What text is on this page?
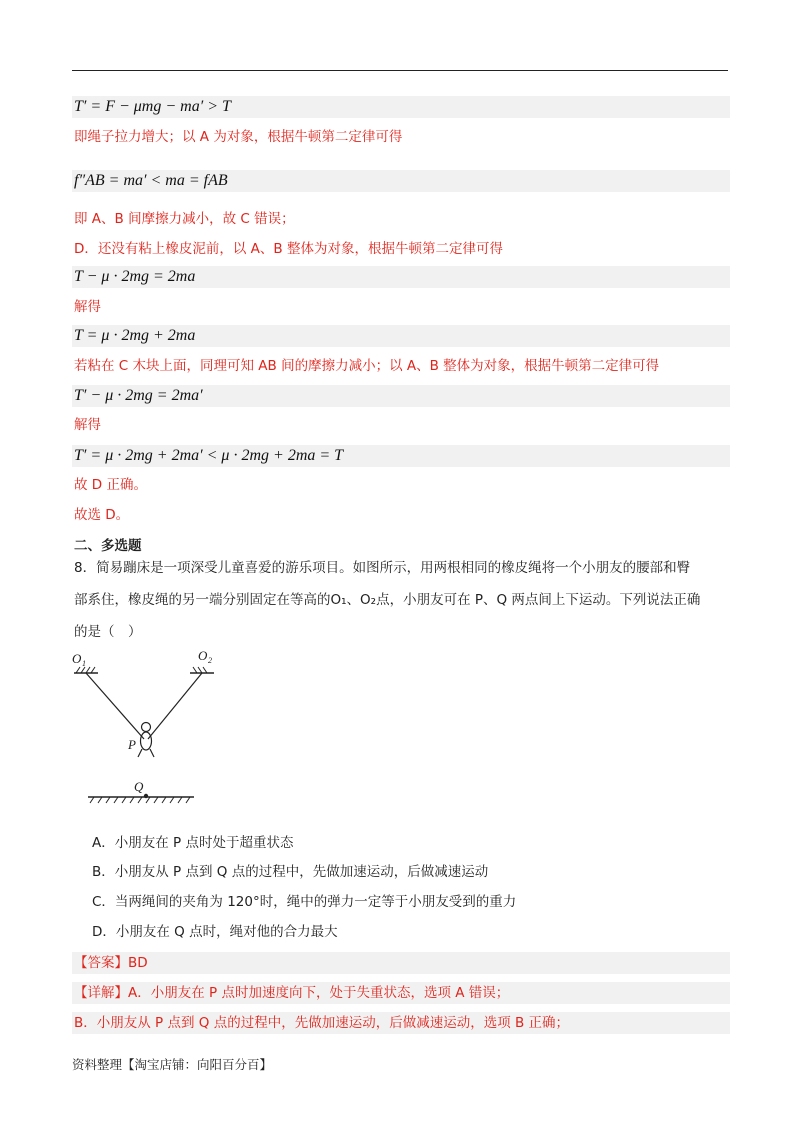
T′ = F − μmg − ma′ > T
即绳子拉力增大；以 A 为对象，根据牛顿第二定律可得
f″AB = ma′ < ma = fAB
即 A、B 间摩擦力减小，故 C 错误；
D．还没有粘上橡皮泥前，以 A、B 整体为对象，根据牛顿第二定律可得
T − μ · 2mg = 2ma
解得
T = μ · 2mg + 2ma
若粘在 C 木块上面，同理可知 AB 间的摩擦力减小；以 A、B 整体为对象，根据牛顿第二定律可得
T′ − μ · 2mg = 2ma′
解得
T′ = μ · 2mg + 2ma′ < μ · 2mg + 2ma = T
故 D 正确。
故选 D。
二、多选题
8．简易蹦床是一项深受儿童喜爱的游乐项目。如图所示，用两根相同的橡皮绳将一个小朋友的腰部和臀
部系住，橡皮绳的另一端分别固定在等高的O₁、O₂点，小朋友可在 P、Q 两点间上下运动。下列说法正确
的是（　）
O 1
O 2
P
Q
A．小朋友在 P 点时处于超重状态
B．小朋友从 P 点到 Q 点的过程中，先做加速运动，后做减速运动
C．当两绳间的夹角为 120°时，绳中的弹力一定等于小朋友受到的重力
D．小朋友在 Q 点时，绳对他的合力最大
【答案】BD
【详解】A．小朋友在 P 点时加速度向下，处于失重状态，选项 A 错误；
B．小朋友从 P 点到 Q 点的过程中，先做加速运动，后做减速运动，选项 B 正确；
资料整理【淘宝店铺：向阳百分百】
